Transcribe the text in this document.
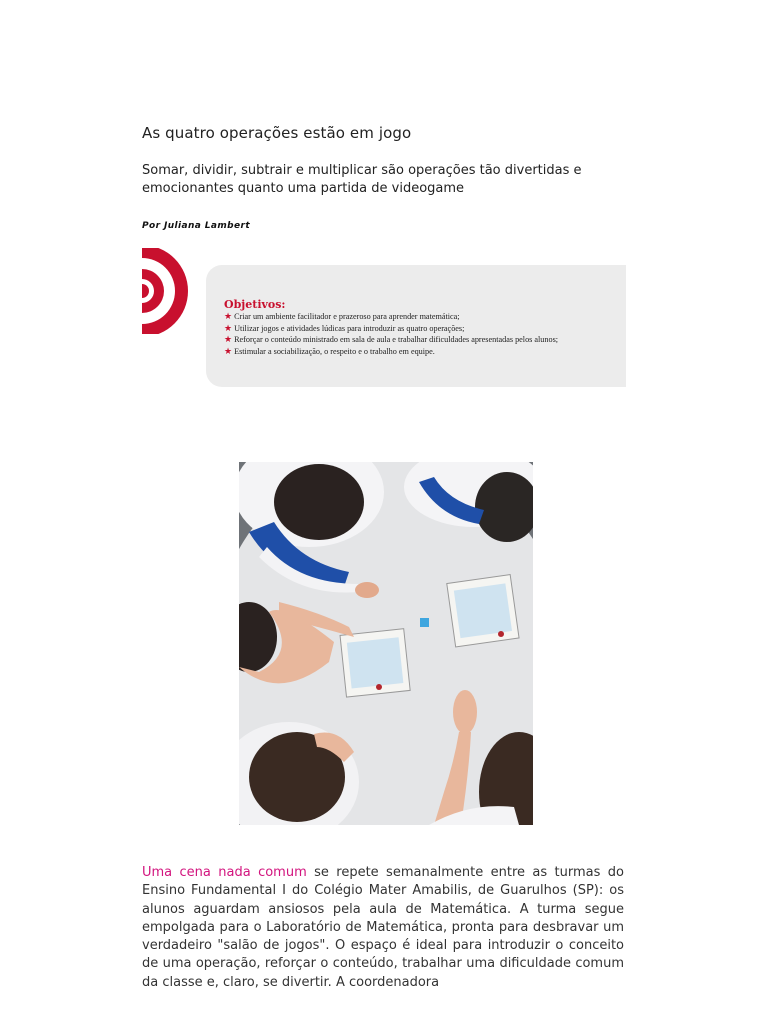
As quatro operações estão em jogo
Somar, dividir, subtrair e multiplicar são operações tão divertidas e emocionantes quanto uma partida de videogame
Por Juliana Lambert
Objetivos:
★ Criar um ambiente facilitador e prazeroso para aprender matemática;
★ Utilizar jogos e atividades lúdicas para introduzir as quatro operações;
★ Reforçar o conteúdo ministrado em sala de aula e trabalhar dificuldades apresentadas pelos alunos;
★ Estimular a sociabilização, o respeito e o trabalho em equipe.

Uma cena nada comum se repete semanalmente entre as turmas do Ensino Fundamental I do Colégio Mater Amabilis, de Guarulhos (SP): os alunos aguardam ansiosos pela aula de Matemática. A turma segue empolgada para o Laboratório de Matemática, pronta para desbravar um verdadeiro "salão de jogos". O espaço é ideal para introduzir o conceito de uma operação, reforçar o conteúdo, trabalhar uma dificuldade comum da classe e, claro, se divertir. A coordenadora
